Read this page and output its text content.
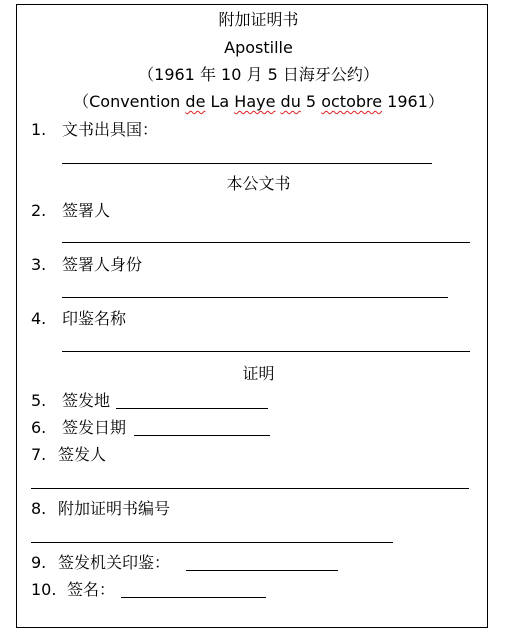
附加证明书
Apostille
（1961 年 10 月 5 日海牙公约）
（Convention de La Haye du 5 octobre 1961）
1. 文书出具国：
本公文书
2. 签署人
3. 签署人身份
4. 印鉴名称
证明
5. 签发地
6. 签发日期
7. 签发人
8. 附加证明书编号
9. 签发机关印鉴：
10. 签名：
